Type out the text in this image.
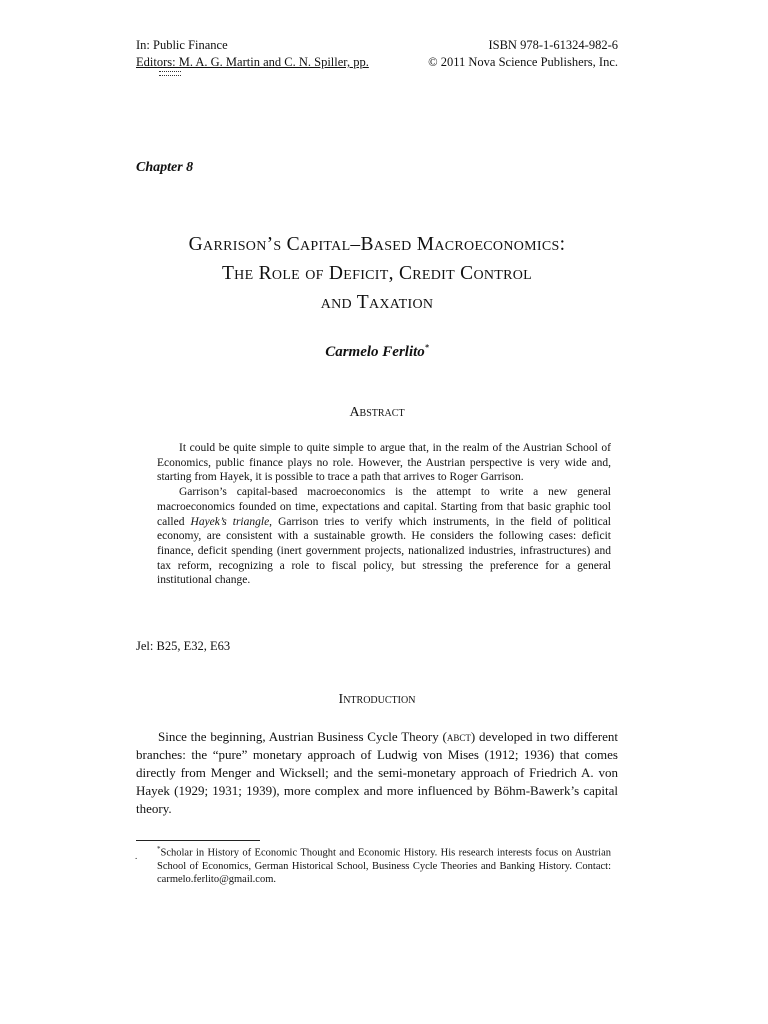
In: Public Finance	ISBN 978-1-61324-982-6
Editors: M. A. G. Martin and C. N. Spiller, pp.	© 2011 Nova Science Publishers, Inc.
Chapter 8
Garrison’s Capital–Based Macroeconomics:
The Role of Deficit, Credit Control
and Taxation
Carmelo Ferlito*
Abstract

It could be quite simple to quite simple to argue that, in the realm of the Austrian School of Economics, public finance plays no role. However, the Austrian perspective is very wide and, starting from Hayek, it is possible to trace a path that arrives to Roger Garrison.

Garrison’s capital-based macroeconomics is the attempt to write a new general macroeconomics founded on time, expectations and capital. Starting from that basic graphic tool called Hayek’s triangle, Garrison tries to verify which instruments, in the field of political economy, are consistent with a sustainable growth. He considers the following cases: deficit finance, deficit spending (inert government projects, nationalized industries, infrastructures) and tax reform, recognizing a role to fiscal policy, but stressing the preference for a general institutional change.

Jel: B25, E32, E63
Introduction

Since the beginning, Austrian Business Cycle Theory (abct) developed in two different branches: the “pure” monetary approach of Ludwig von Mises (1912; 1936) that comes directly from Menger and Wicksell; and the semi-monetary approach of Friedrich A. von Hayek (1929; 1931; 1939), more complex and more influenced by Böhm-Bawerk’s capital theory.

.
*Scholar in History of Economic Thought and Economic History. His research interests focus on Austrian School of Economics, German Historical School, Business Cycle Theories and Banking History. Contact: carmelo.ferlito@gmail.com.
